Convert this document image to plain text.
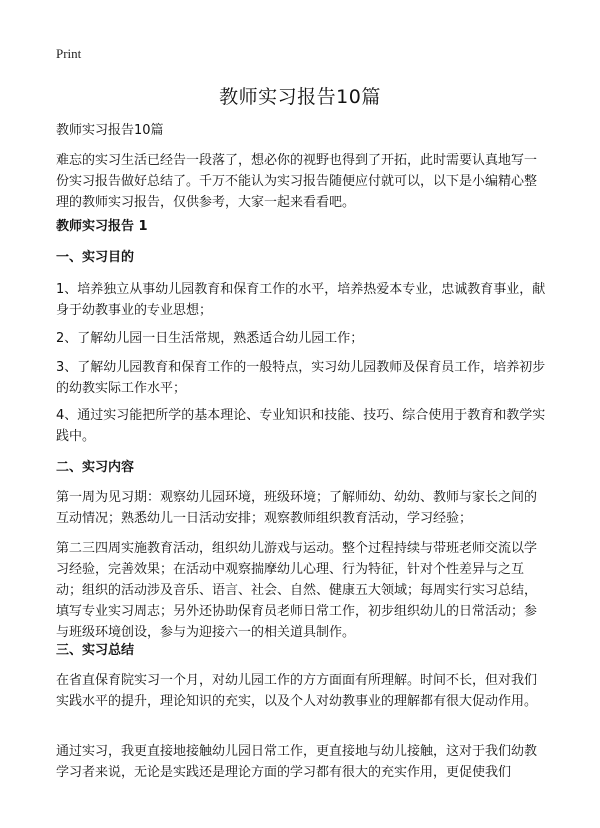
Print
教师实习报告10篇

教师实习报告10篇

难忘的实习生活已经告一段落了，想必你的视野也得到了开拓，此时需要认真地写一份实习报告做好总结了。千万不能认为实习报告随便应付就可以，以下是小编精心整理的教师实习报告，仅供参考，大家一起来看看吧。

教师实习报告 1

一、实习目的

1、培养独立从事幼儿园教育和保育工作的水平，培养热爱本专业，忠诚教育事业，献身于幼教事业的专业思想；

2、了解幼儿园一日生活常规，熟悉适合幼儿园工作；

3、了解幼儿园教育和保育工作的一般特点，实习幼儿园教师及保育员工作，培养初步的幼教实际工作水平；

4、通过实习能把所学的基本理论、专业知识和技能、技巧、综合使用于教育和教学实践中。

二、实习内容

第一周为见习期：观察幼儿园环境，班级环境；了解师幼、幼幼、教师与家长之间的互动情况；熟悉幼儿一日活动安排；观察教师组织教育活动，学习经验；

第二三四周实施教育活动，组织幼儿游戏与运动。整个过程持续与带班老师交流以学习经验，完善效果；在活动中观察揣摩幼儿心理、行为特征，针对个性差异与之互动；组织的活动涉及音乐、语言、社会、自然、健康五大领域；每周实行实习总结，填写专业实习周志；另外还协助保育员老师日常工作，初步组织幼儿的日常活动；参与班级环境创设，参与为迎接六一的相关道具制作。

三、实习总结

在省直保育院实习一个月，对幼儿园工作的方方面面有所理解。时间不长，但对我们实践水平的提升，理论知识的充实，以及个人对幼教事业的理解都有很大促动作用。

通过实习，我更直接地接触幼儿园日常工作，更直接地与幼儿接触，这对于我们幼教学习者来说，无论是实践还是理论方面的学习都有很大的充实作用，更促使我们
